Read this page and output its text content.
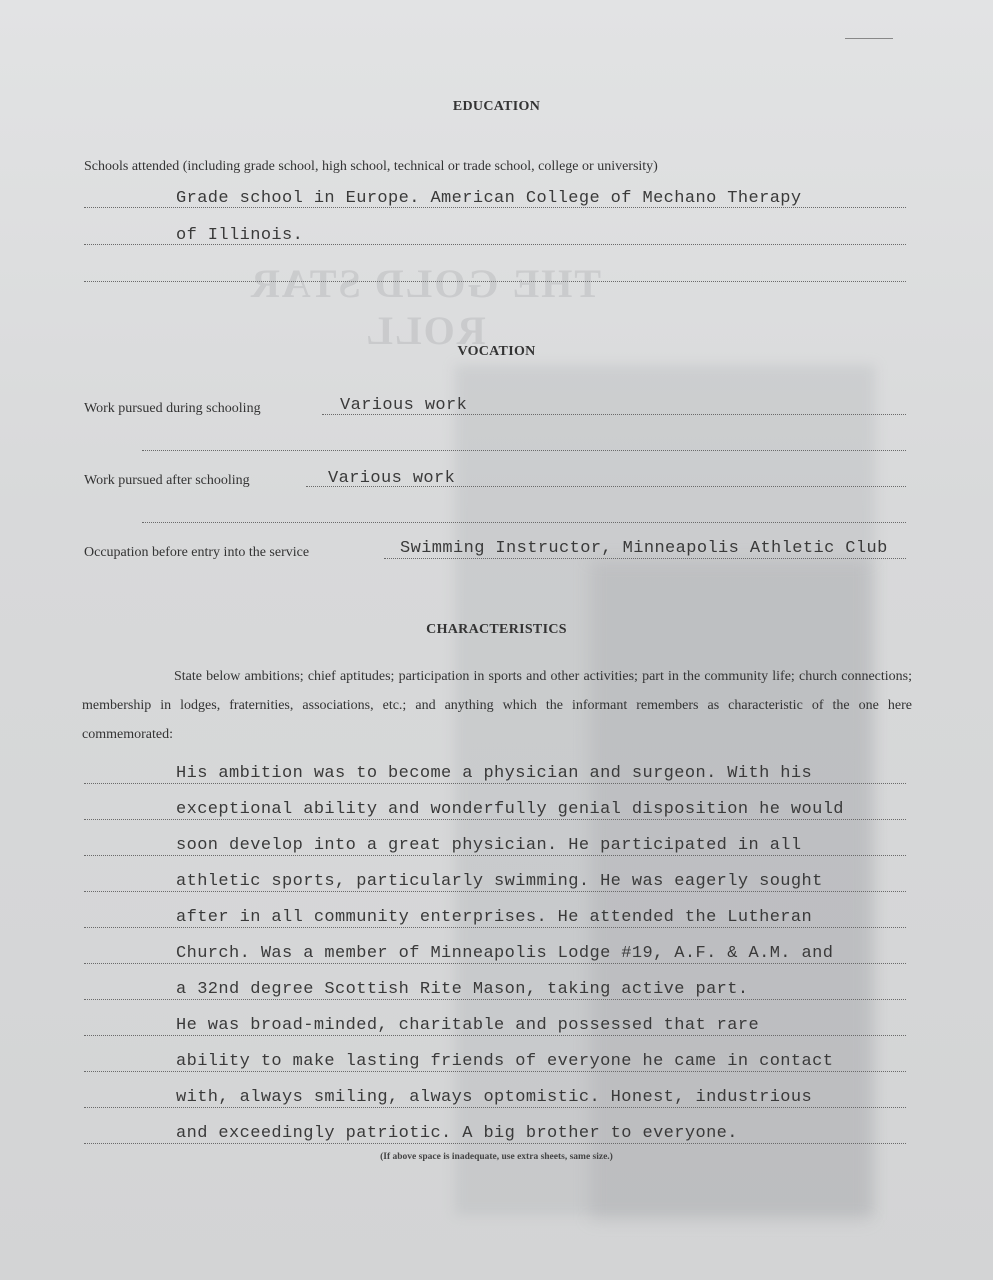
THE GOLD STAR ROLL
EDUCATION
Schools attended (including grade school, high school, technical or trade school, college or university)
Grade school in Europe. American College of Mechano Therapy
of Illinois.
VOCATION
Work pursued during schooling	Various work
Work pursued after schooling	Various work
Occupation before entry into the service	Swimming Instructor, Minneapolis Athletic Club
CHARACTERISTICS
State below ambitions; chief aptitudes; participation in sports and other activities; part in the community life; church connections; membership in lodges, fraternities, associations, etc.; and anything which the informant remembers as characteristic of the one here commemorated:
His ambition was to become a physician and surgeon. With his
exceptional ability and wonderfully genial disposition he would
soon develop into a great physician. He participated in all
athletic sports, particularly swimming. He was eagerly sought
after in all community enterprises. He attended the Lutheran
Church. Was a member of Minneapolis Lodge #19, A.F. & A.M. and
a 32nd degree Scottish Rite Mason, taking active part.
He was broad-minded, charitable and possessed that rare
ability to make lasting friends of everyone he came in contact
with, always smiling, always optomistic. Honest, industrious
and exceedingly patriotic. A big brother to everyone.
(If above space is inadequate, use extra sheets, same size.)
